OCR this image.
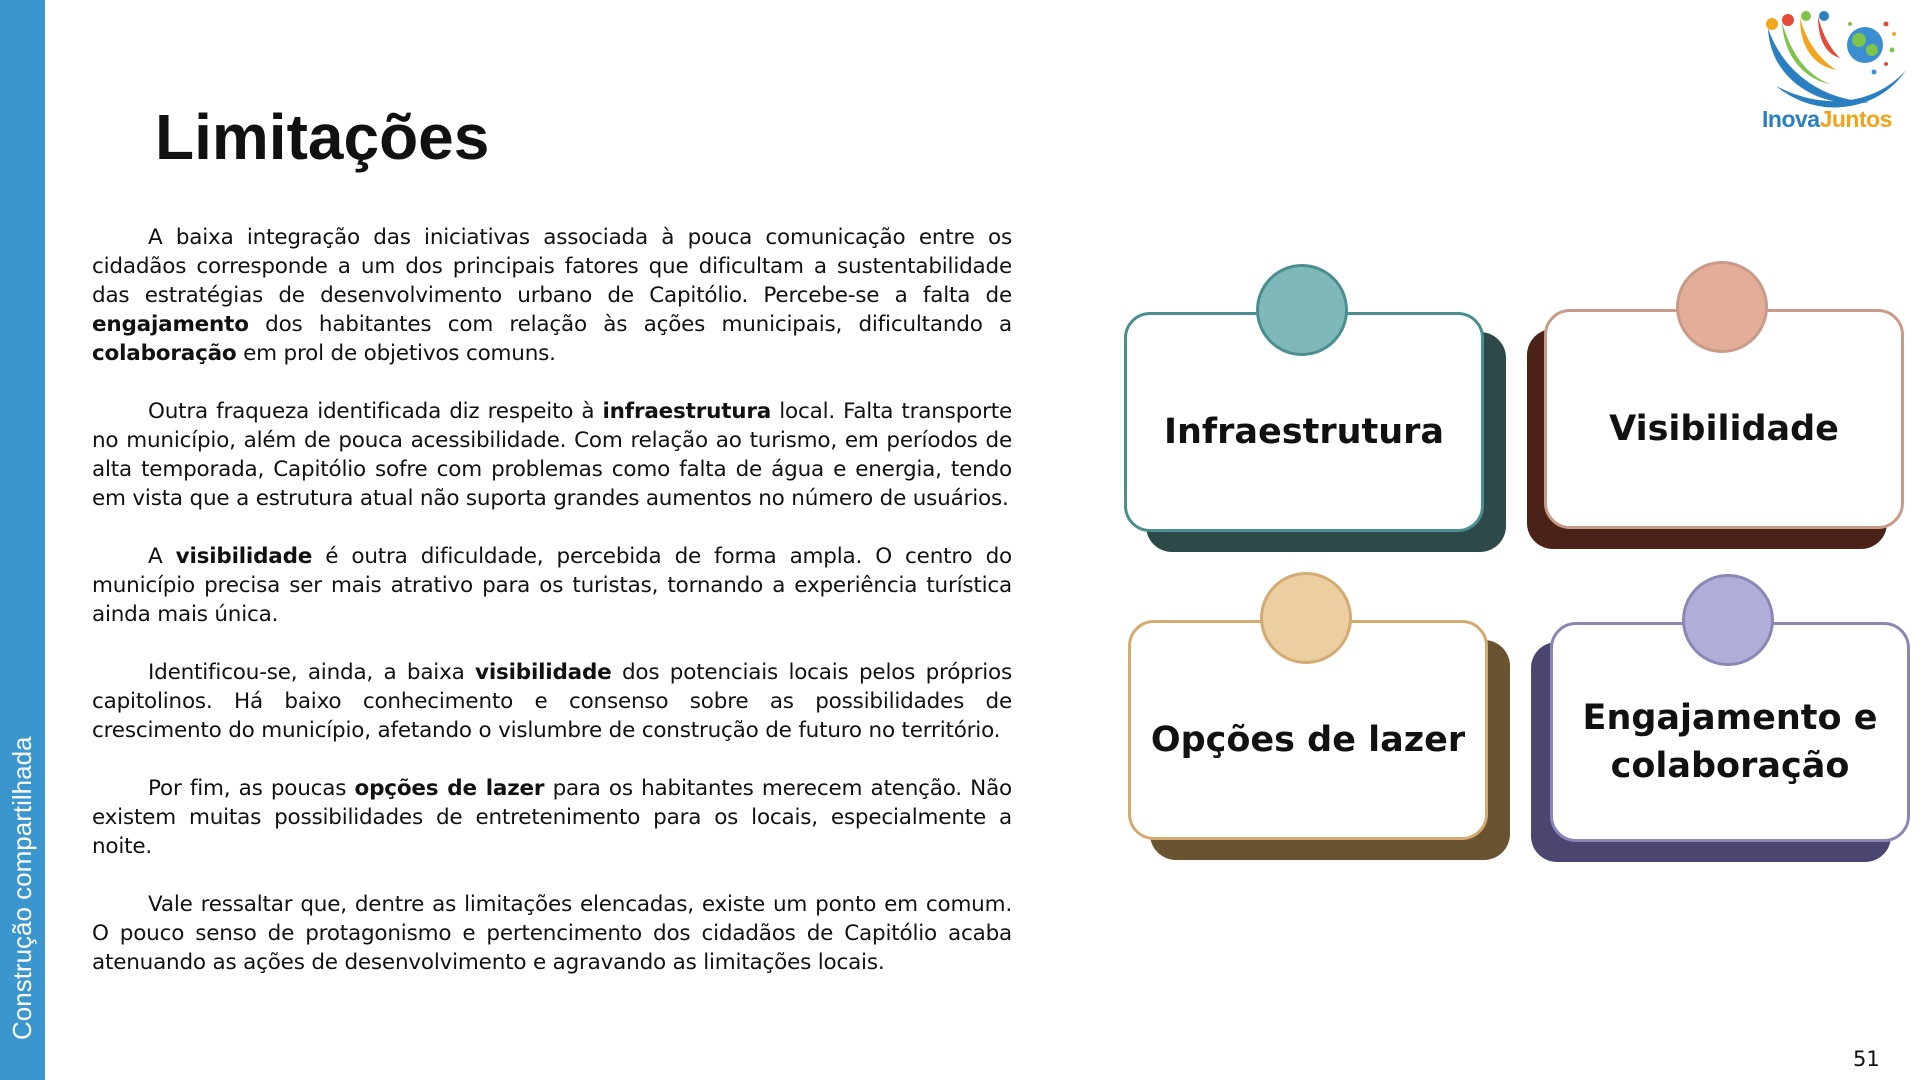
Construção compartilhada
Limitações

A baixa integração das iniciativas associada à pouca comunicação entre os cidadãos corresponde a um dos principais fatores que dificultam a sustentabilidade das estratégias de desenvolvimento urbano de Capitólio. Percebe-se a falta de engajamento dos habitantes com relação às ações municipais, dificultando a colaboração em prol de objetivos comuns.

Outra fraqueza identificada diz respeito à infraestrutura local. Falta transporte no município, além de pouca acessibilidade. Com relação ao turismo, em períodos de alta temporada, Capitólio sofre com problemas como falta de água e energia, tendo em vista que a estrutura atual não suporta grandes aumentos no número de usuários.

A visibilidade é outra dificuldade, percebida de forma ampla. O centro do município precisa ser mais atrativo para os turistas, tornando a experiência turística ainda mais única.

Identificou-se, ainda, a baixa visibilidade dos potenciais locais pelos próprios capitolinos. Há baixo conhecimento e consenso sobre as possibilidades de crescimento do município, afetando o vislumbre de construção de futuro no território.

Por fim, as poucas opções de lazer para os habitantes merecem atenção. Não existem muitas possibilidades de entretenimento para os locais, especialmente a noite.

Vale ressaltar que, dentre as limitações elencadas, existe um ponto em comum. O pouco senso de protagonismo e pertencimento dos cidadãos de Capitólio acaba atenuando as ações de desenvolvimento e agravando as limitações locais.

InovaJuntos
Infraestrutura	Visibilidade
Opções de lazer
Engajamento e colaboração
51
